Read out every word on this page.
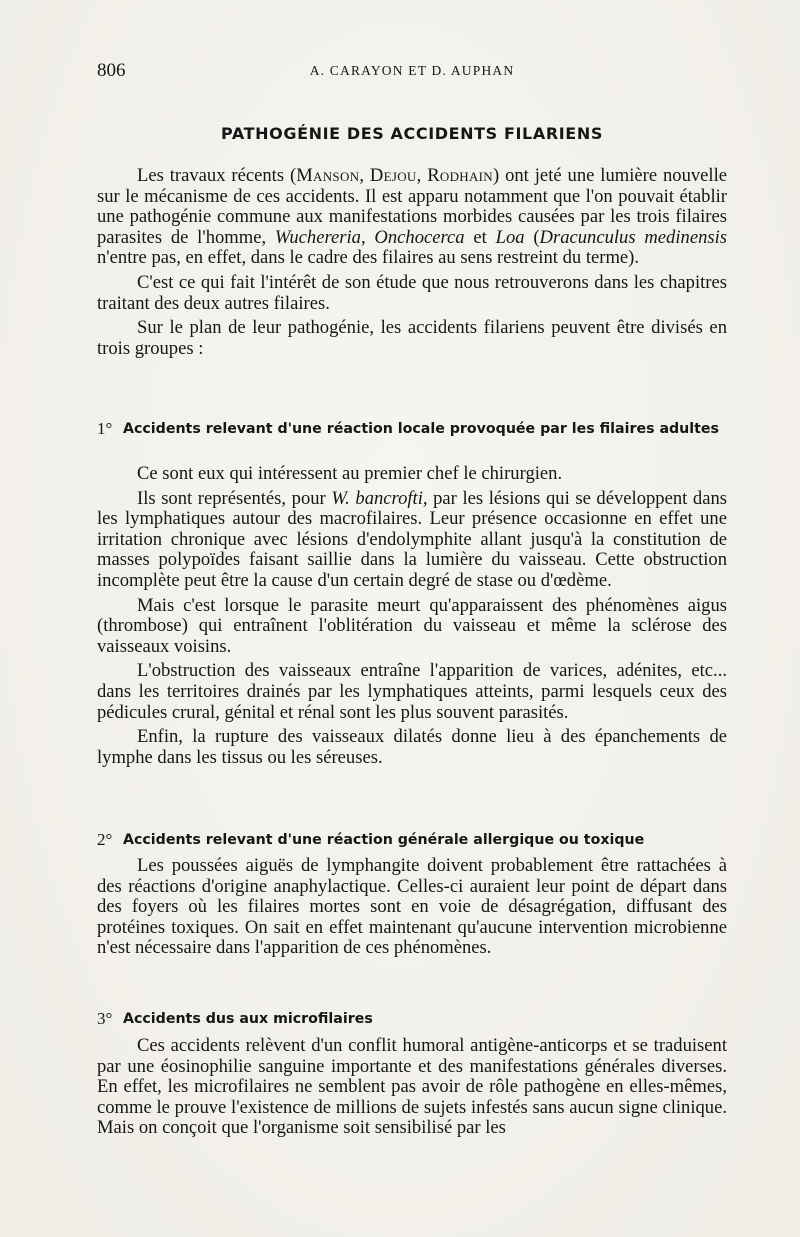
806	A. CARAYON ET D. AUPHAN
PATHOGÉNIE DES ACCIDENTS FILARIENS

Les travaux récents (Manson, Dejou, Rodhain) ont jeté une lumière nouvelle sur le mécanisme de ces accidents. Il est apparu notamment que l'on pouvait établir une pathogénie commune aux manifestations morbides causées par les trois filaires parasites de l'homme, Wuchereria, Onchocerca et Loa (Dracunculus medinensis n'entre pas, en effet, dans le cadre des filaires au sens restreint du terme).

C'est ce qui fait l'intérêt de son étude que nous retrouverons dans les chapitres traitant des deux autres filaires.

Sur le plan de leur pathogénie, les accidents filariens peuvent être divisés en trois groupes :

1° Accidents relevant d'une réaction locale provoquée par les filaires adultes

Ce sont eux qui intéressent au premier chef le chirurgien.

Ils sont représentés, pour W. bancrofti, par les lésions qui se développent dans les lymphatiques autour des macrofilaires. Leur présence occasionne en effet une irritation chronique avec lésions d'endolymphite allant jusqu'à la constitution de masses polypoïdes faisant saillie dans la lumière du vaisseau. Cette obstruction incomplète peut être la cause d'un certain degré de stase ou d'œdème.

Mais c'est lorsque le parasite meurt qu'apparaissent des phénomènes aigus (thrombose) qui entraînent l'oblitération du vaisseau et même la sclérose des vaisseaux voisins.

L'obstruction des vaisseaux entraîne l'apparition de varices, adénites, etc... dans les territoires drainés par les lymphatiques atteints, parmi lesquels ceux des pédicules crural, génital et rénal sont les plus souvent parasités.

Enfin, la rupture des vaisseaux dilatés donne lieu à des épanchements de lymphe dans les tissus ou les séreuses.

2° Accidents relevant d'une réaction générale allergique ou toxique

Les poussées aiguës de lymphangite doivent probablement être rattachées à des réactions d'origine anaphylactique. Celles-ci auraient leur point de départ dans des foyers où les filaires mortes sont en voie de désagrégation, diffusant des protéines toxiques. On sait en effet maintenant qu'aucune intervention microbienne n'est nécessaire dans l'apparition de ces phénomènes.

3° Accidents dus aux microfilaires

Ces accidents relèvent d'un conflit humoral antigène-anticorps et se traduisent par une éosinophilie sanguine importante et des manifestations générales diverses. En effet, les microfilaires ne semblent pas avoir de rôle pathogène en elles-mêmes, comme le prouve l'existence de millions de sujets infestés sans aucun signe clinique. Mais on conçoit que l'organisme soit sensibilisé par les
